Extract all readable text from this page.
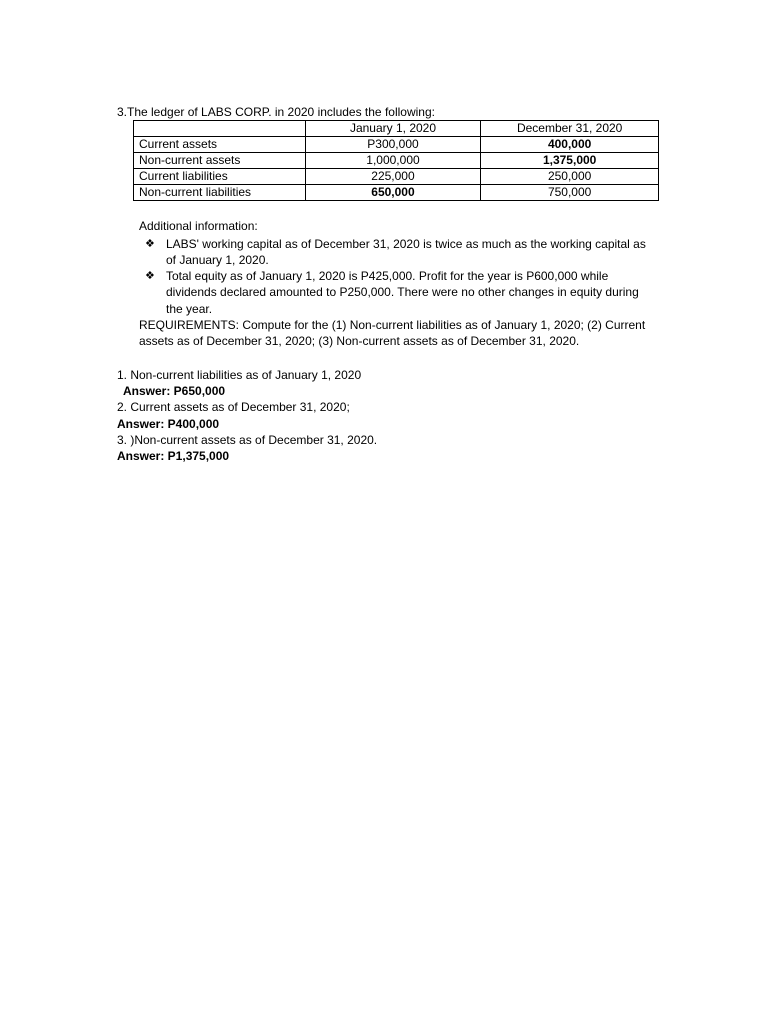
3.The ledger of LABS CORP. in 2020 includes the following:

	January 1, 2020	December 31, 2020
Current assets	P300,000	400,000
Non-current assets	1,000,000	1,375,000
Current liabilities	225,000	250,000
Non-current liabilities	650,000	750,000

Additional information:

❖ LABS' working capital as of December 31, 2020 is twice as much as the working capital as of January 1, 2020.
❖ Total equity as of January 1, 2020 is P425,000. Profit for the year is P600,000 while dividends declared amounted to P250,000. There were no other changes in equity during the year.

REQUIREMENTS: Compute for the (1) Non-current liabilities as of January 1, 2020; (2) Current assets as of December 31, 2020; (3) Non-current assets as of December 31, 2020.

1. Non-current liabilities as of January 1, 2020

Answer: P650,000

2. Current assets as of December 31, 2020;

Answer: P400,000

3. )Non-current assets as of December 31, 2020.

Answer: P1,375,000
